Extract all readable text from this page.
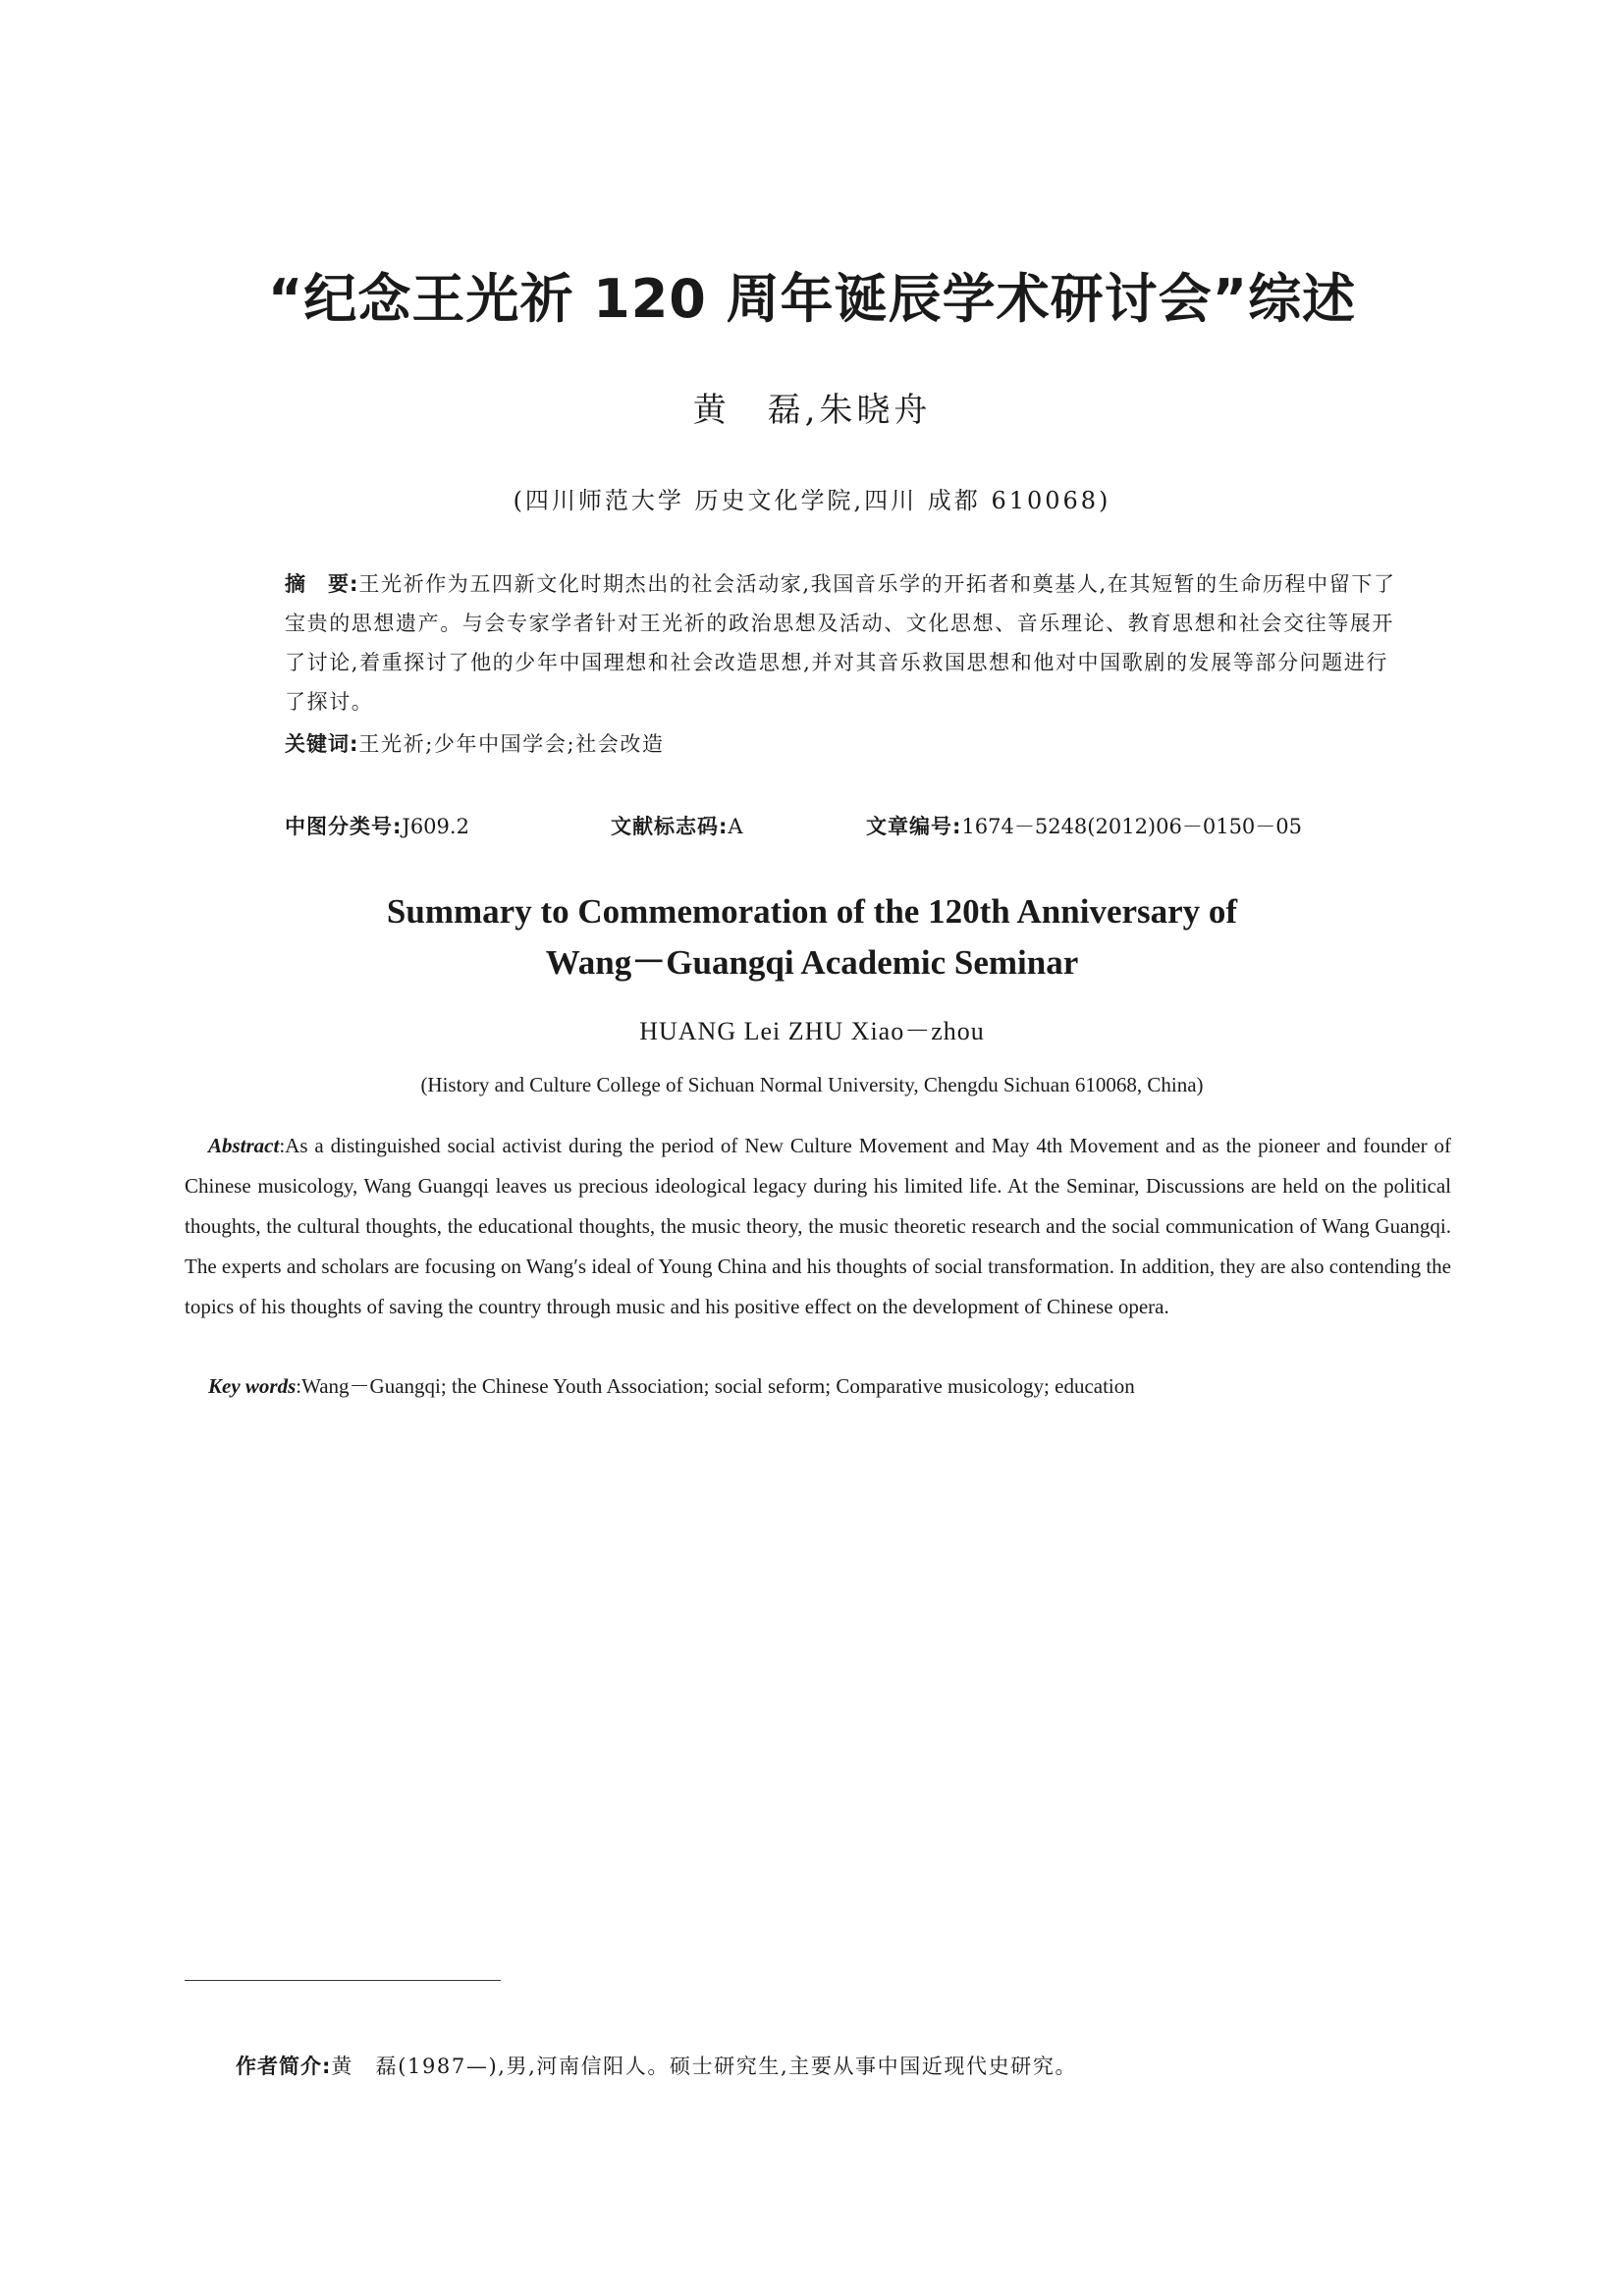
“纪念王光祈 120 周年诞辰学术研讨会”综述
黄　磊,朱晓舟
(四川师范大学 历史文化学院,四川 成都 610068)
摘　要:王光祈作为五四新文化时期杰出的社会活动家,我国音乐学的开拓者和奠基人,在其短暂的生命历程中留下了宝贵的思想遗产。与会专家学者针对王光祈的政治思想及活动、文化思想、音乐理论、教育思想和社会交往等展开了讨论,着重探讨了他的少年中国理想和社会改造思想,并对其音乐救国思想和他对中国歌剧的发展等部分问题进行了探讨。
关键词:王光祈;少年中国学会;社会改造
中图分类号:J609.2	文献标志码:A	文章编号:1674－5248(2012)06－0150－05
Summary to Commemoration of the 120th Anniversary of
Wang－Guangqi Academic Seminar
HUANG Lei ZHU Xiao－zhou
(History and Culture College of Sichuan Normal University, Chengdu Sichuan 610068, China)
Abstract:As a distinguished social activist during the period of New Culture Movement and May 4th Movement and as the pioneer and founder of Chinese musicology, Wang Guangqi leaves us precious ideological legacy during his limited life. At the Seminar, Discussions are held on the political thoughts, the cultural thoughts, the educational thoughts, the music theory, the music theoretic research and the social communication of Wang Guangqi. The experts and scholars are focusing on Wang′s ideal of Young China and his thoughts of social transformation. In addition, they are also contending the topics of his thoughts of saving the country through music and his positive effect on the development of Chinese opera.
Key words:Wang－Guangqi; the Chinese Youth Association; social seform; Comparative musicology; education
作者简介:黄　磊(1987—),男,河南信阳人。硕士研究生,主要从事中国近现代史研究。
